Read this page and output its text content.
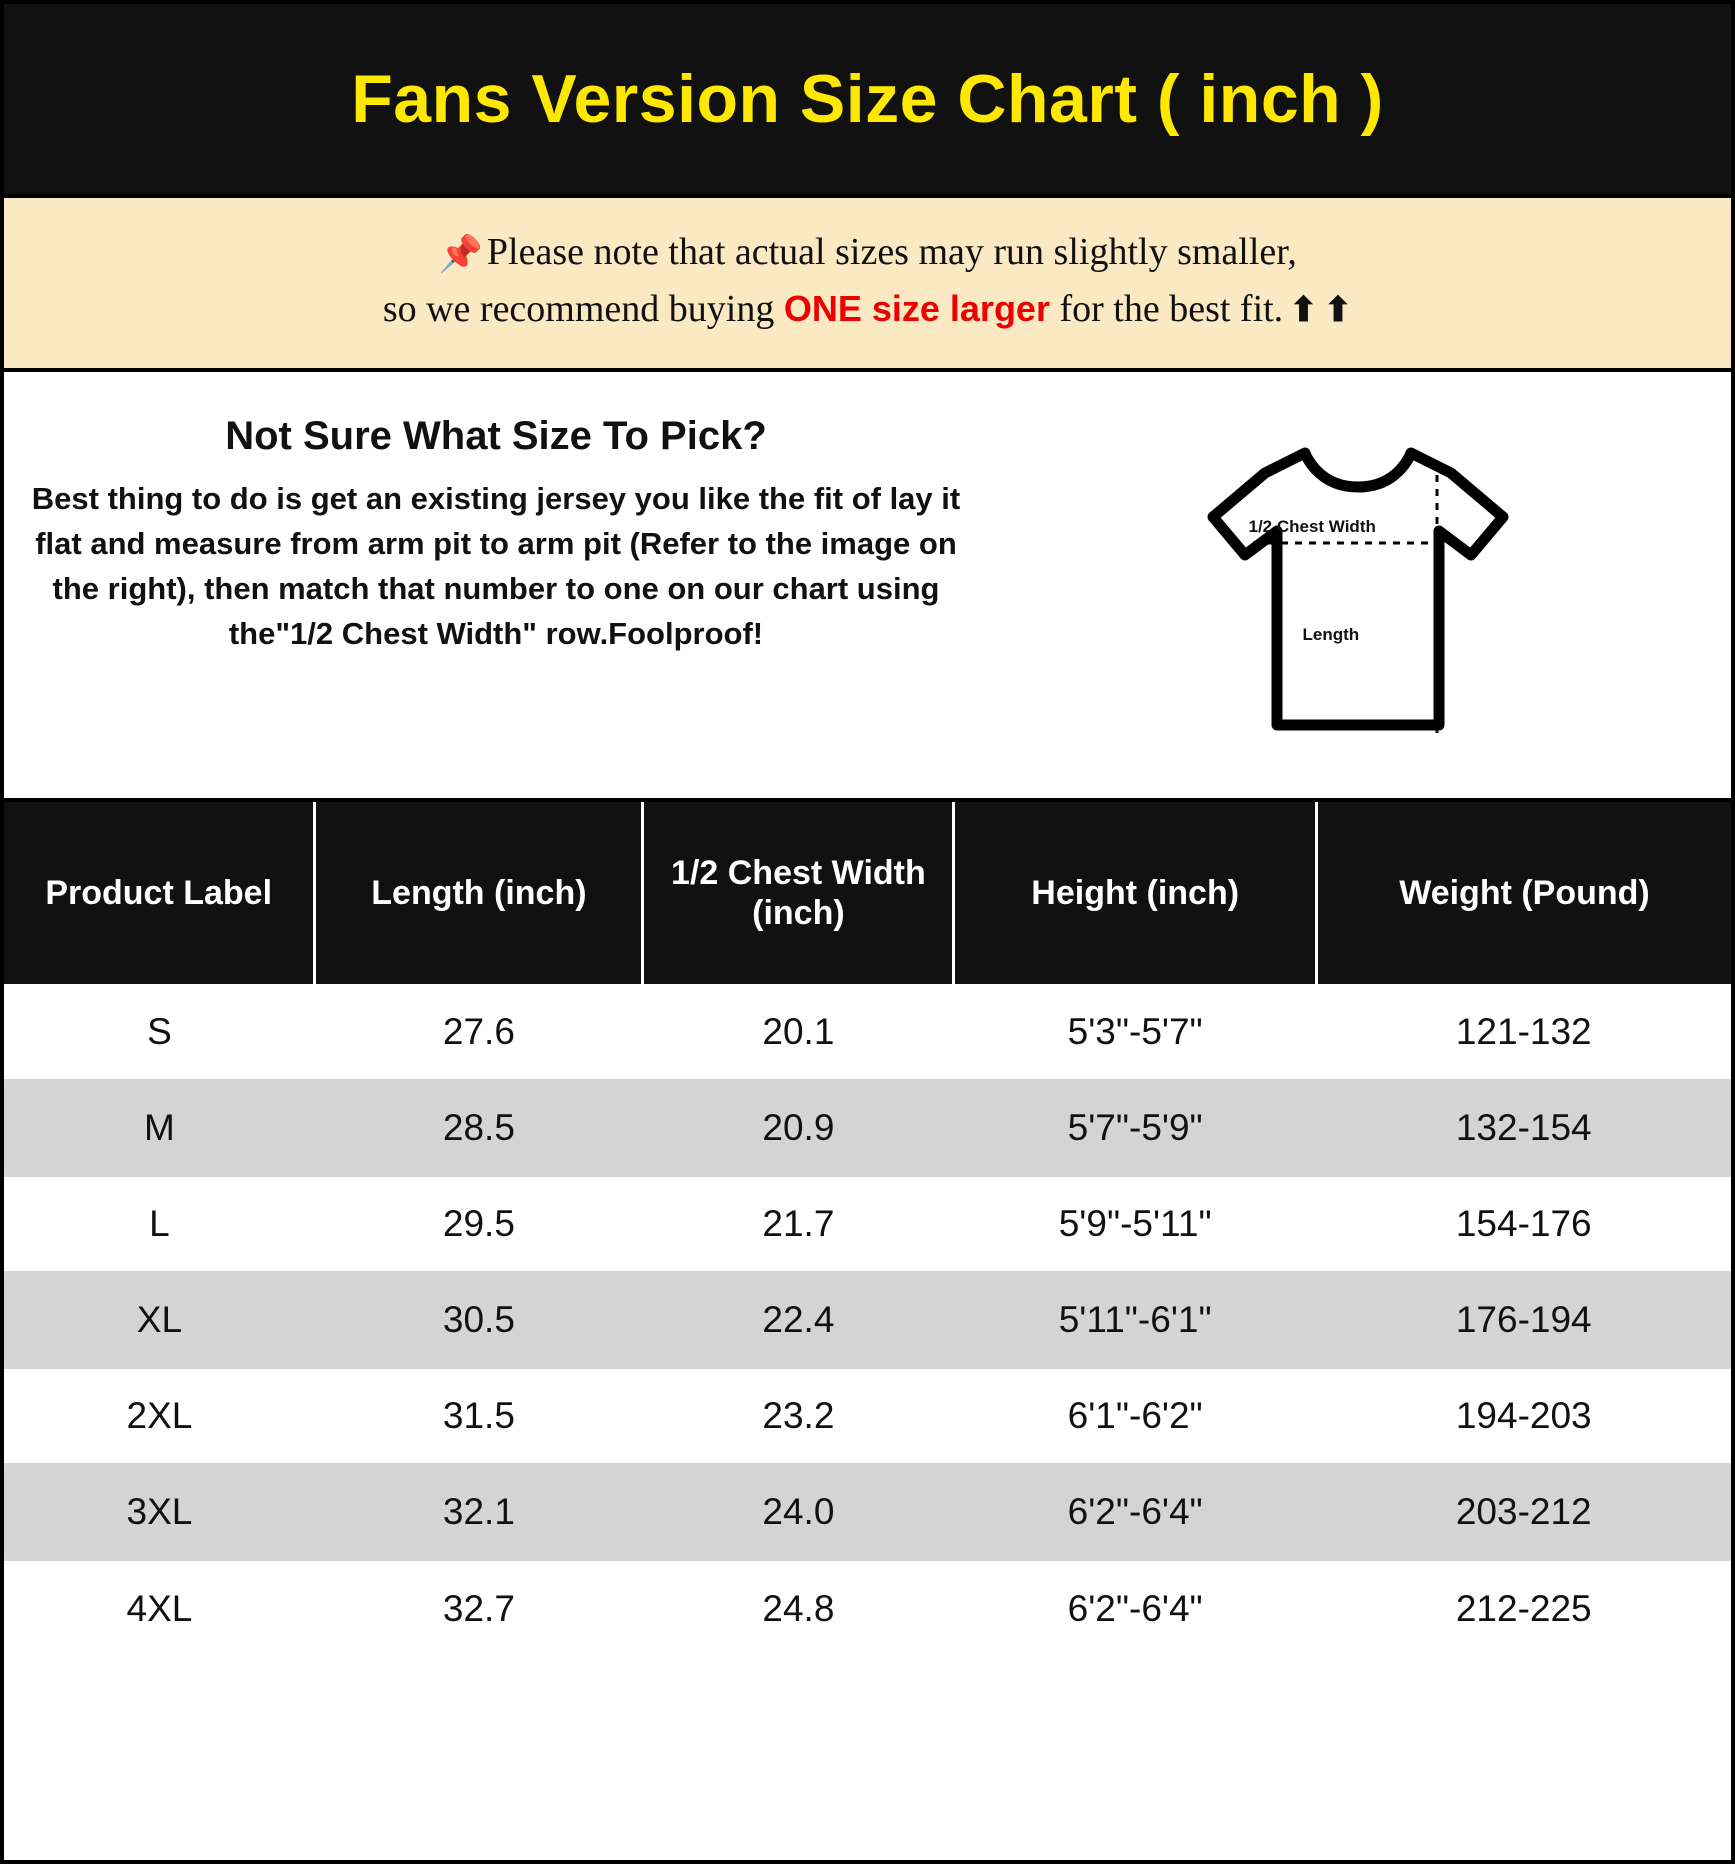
Fans Version Size Chart ( inch )
📌 Please note that actual sizes may run slightly smaller,
so we recommend buying ONE size larger for the best fit. ⬆ ⬆
Not Sure What Size To Pick?
Best thing to do is get an existing jersey you like the fit of lay it flat and measure from arm pit to arm pit (Refer to the image on the right), then match that number to one on our chart using the"1/2 Chest Width" row.Foolproof!
1/2 Chest Width
Length
Product Label	Length (inch)	1/2 Chest Width (inch)	Height (inch)	Weight (Pound)
S	27.6	20.1	5'3"-5'7"	121-132
M	28.5	20.9	5'7"-5'9"	132-154
L	29.5	21.7	5'9"-5'11"	154-176
XL	30.5	22.4	5'11"-6'1"	176-194
2XL	31.5	23.2	6'1"-6'2"	194-203
3XL	32.1	24.0	6'2"-6'4"	203-212
4XL	32.7	24.8	6'2"-6'4"	212-225
